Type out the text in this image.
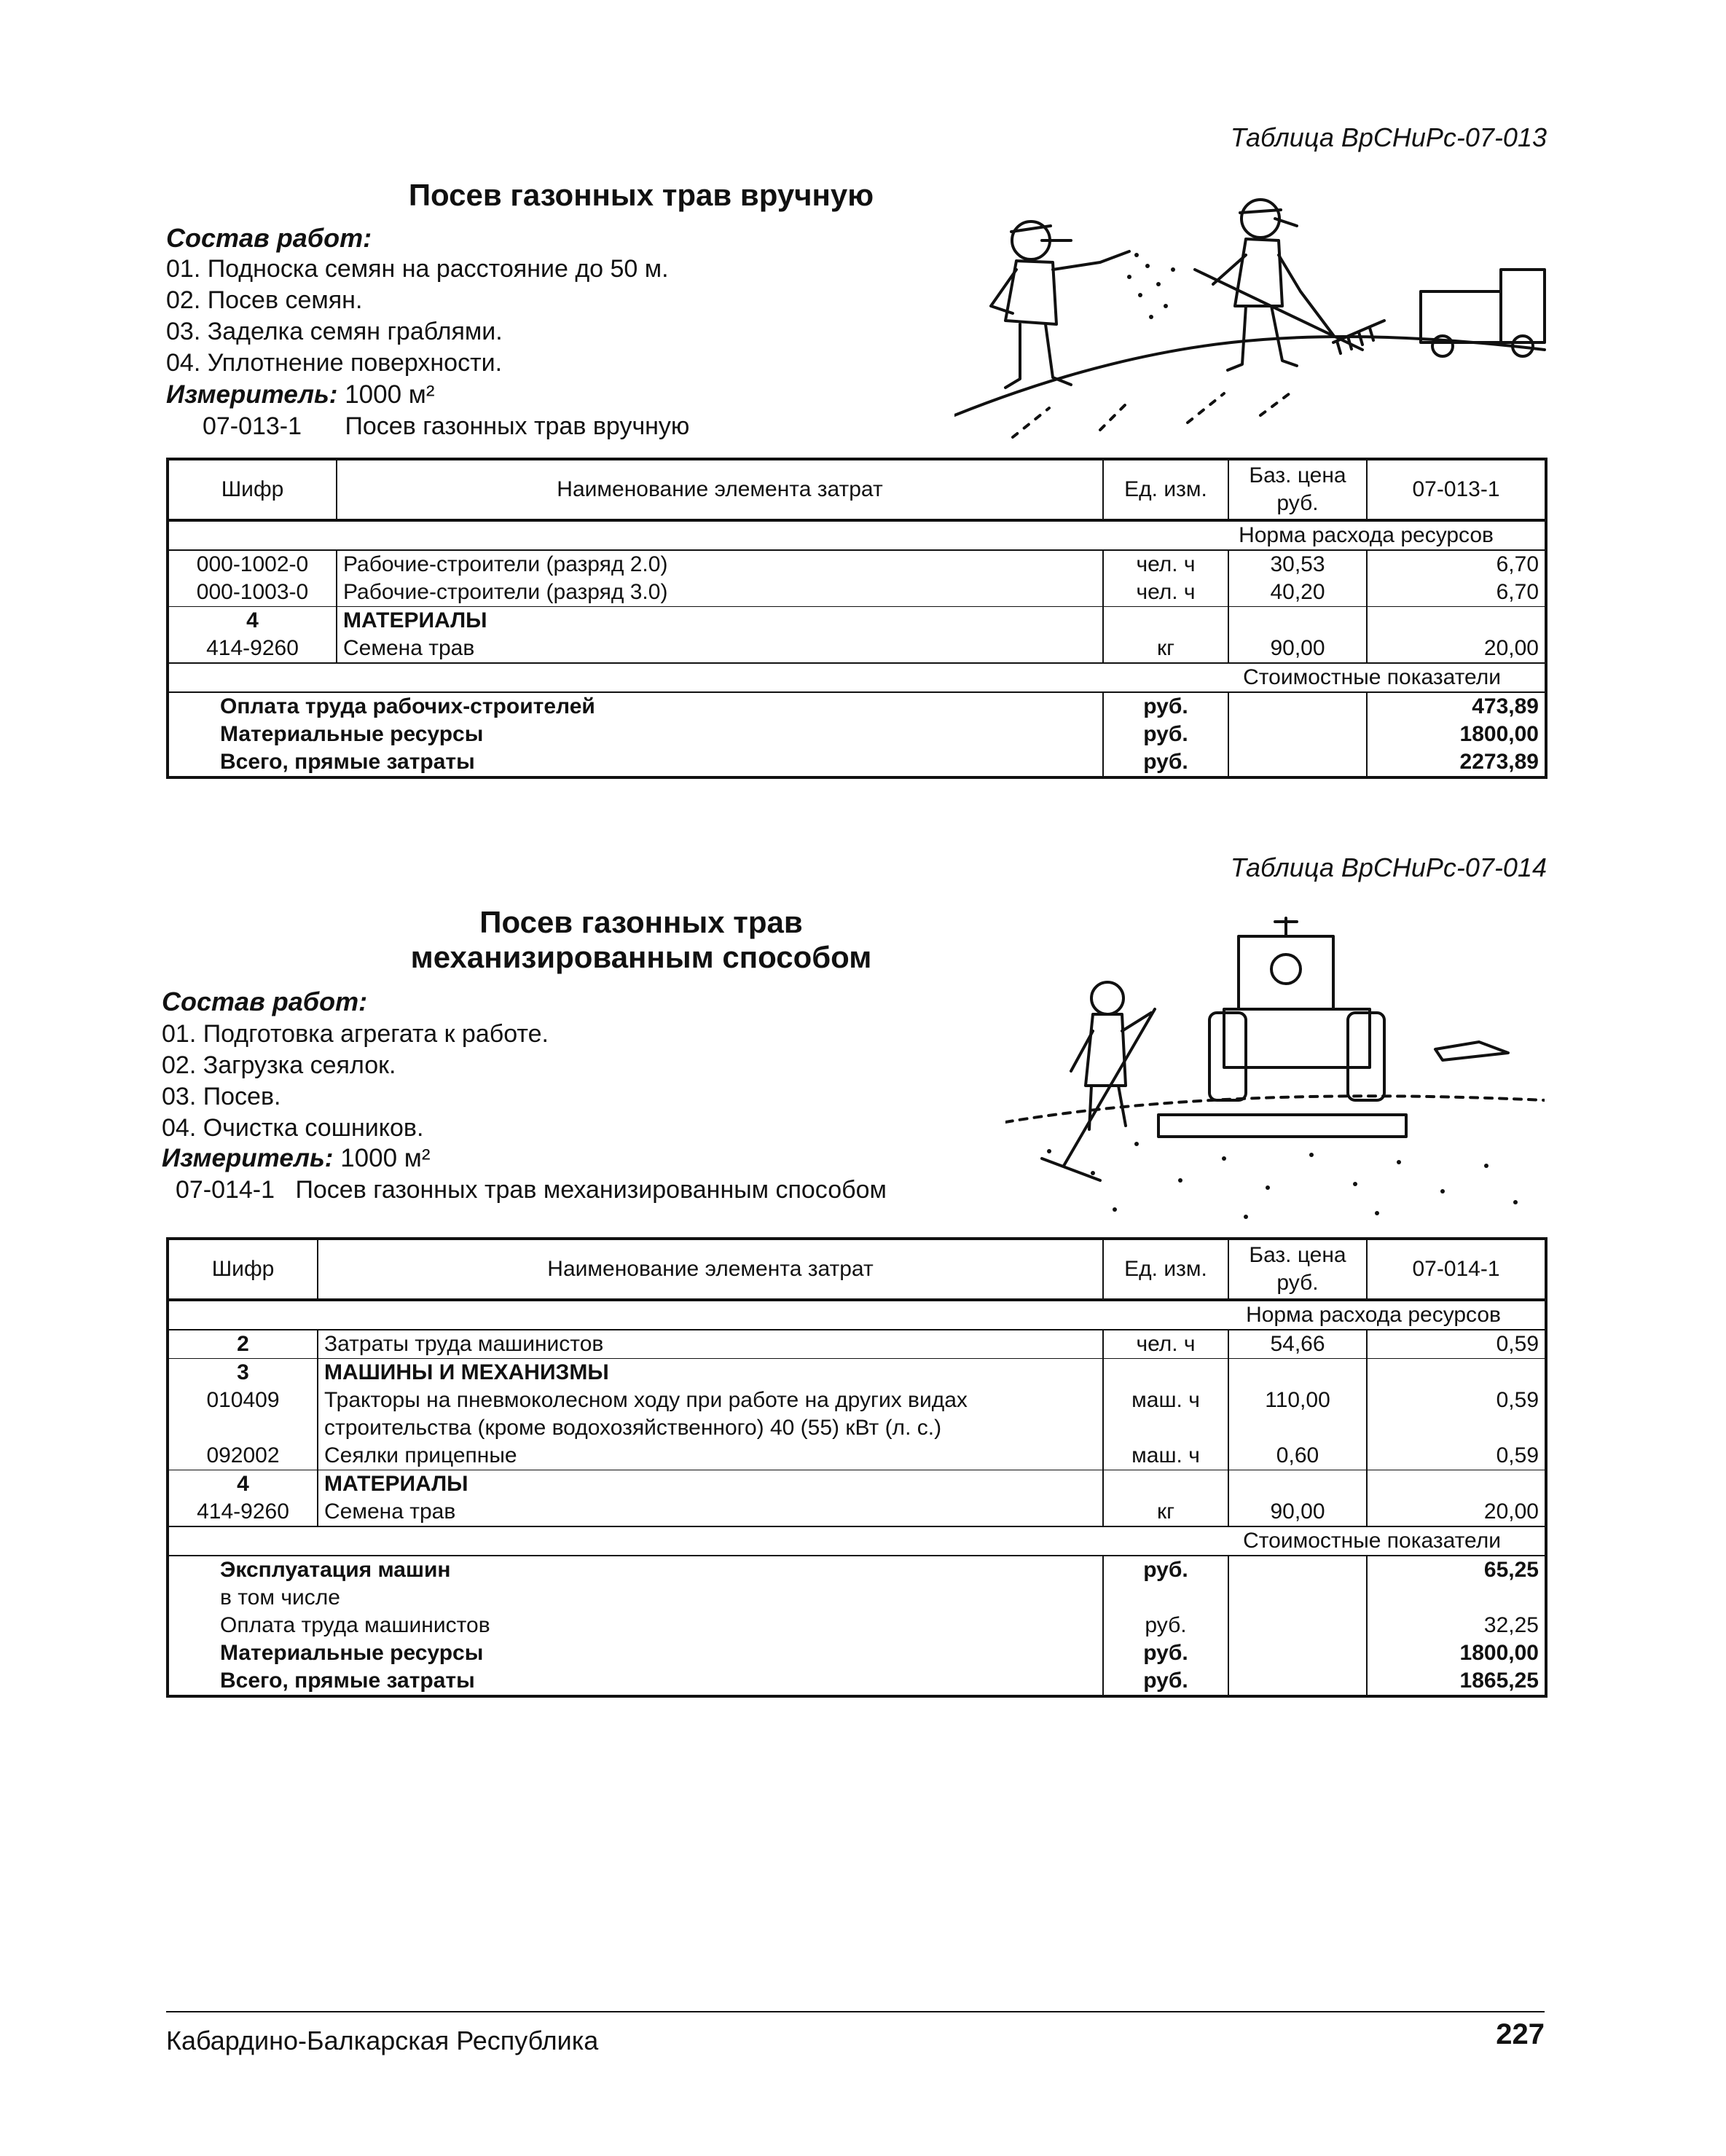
Таблица ВрСНиРс-07-013
Посев газонных трав вручную
Состав работ:
01. Подноска семян на расстояние до 50 м.
02. Посев семян.
03. Заделка семян граблями.
04. Уплотнение поверхности.
Измеритель: 1000 м²
07-013-1 Посев газонных трав вручную
Шифр	Наименование элемента затрат	Ед. изм.	Баз. цена руб.	07-013-1
Норма расхода ресурсов				
000-1002-0	Рабочие-строители (разряд 2.0)	чел. ч	30,53	6,70
000-1003-0	Рабочие-строители (разряд 3.0)	чел. ч	40,20	6,70
4	МАТЕРИАЛЫ			
414-9260	Семена трав	кг	90,00	20,00
Стоимостные показатели				
Оплата труда рабочих-строителей		руб.		473,89
Материальные ресурсы		руб.		1800,00
Всего, прямые затраты		руб.		2273,89
Таблица ВрСНиРс-07-014
Посев газонных трав
механизированным способом
Состав работ:
01. Подготовка агрегата к работе.
02. Загрузка сеялок.
03. Посев.
04. Очистка сошников.
Измеритель: 1000 м²
07-014-1 Посев газонных трав механизированным способом
Шифр	Наименование элемента затрат	Ед. изм.	Баз. цена руб.	07-014-1
Норма расхода ресурсов				
2	Затраты труда машинистов	чел. ч	54,66	0,59
3	МАШИНЫ И МЕХАНИЗМЫ			
010409	Тракторы на пневмоколесном ходу при работе на других видах строительства (кроме водохозяйственного) 40 (55) кВт (л. с.)	маш. ч	110,00	0,59
092002	Сеялки прицепные	маш. ч	0,60	0,59
4	МАТЕРИАЛЫ			
414-9260	Семена трав	кг	90,00	20,00
Стоимостные показатели				
Эксплуатация машин		руб.		65,25
в том числе				
Оплата труда машинистов		руб.		32,25
Материальные ресурсы		руб.		1800,00
Всего, прямые затраты		руб.		1865,25
Кабардино-Балкарская Республика	227
